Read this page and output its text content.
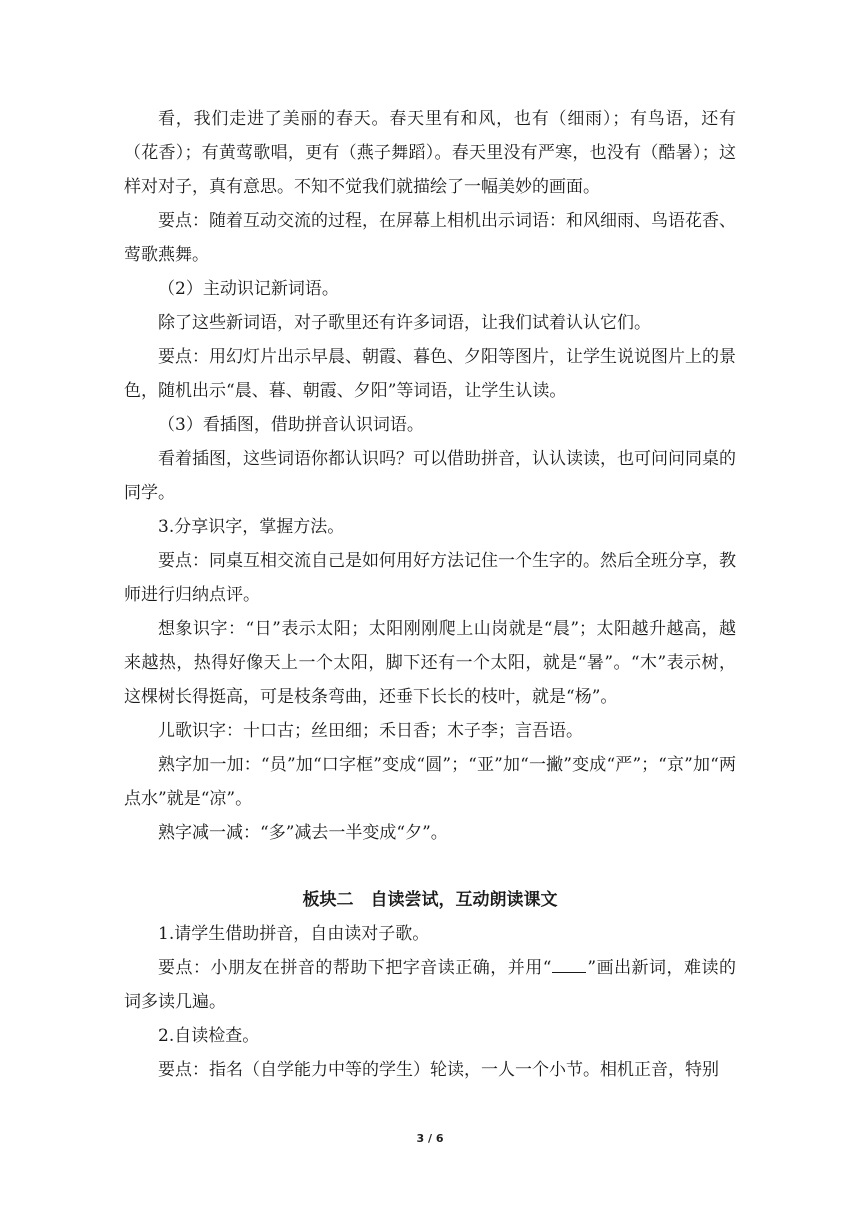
看，我们走进了美丽的春天。春天里有和风，也有（细雨）；有鸟语，还有（花香）；有黄莺歌唱，更有（燕子舞蹈）。春天里没有严寒，也没有（酷暑）；这样对对子，真有意思。不知不觉我们就描绘了一幅美妙的画面。

要点：随着互动交流的过程，在屏幕上相机出示词语：和风细雨、鸟语花香、莺歌燕舞。

（2）主动识记新词语。

除了这些新词语，对子歌里还有许多词语，让我们试着认认它们。

要点：用幻灯片出示早晨、朝霞、暮色、夕阳等图片，让学生说说图片上的景色，随机出示“晨、暮、朝霞、夕阳”等词语，让学生认读。

（3）看插图，借助拼音认识词语。

看着插图，这些词语你都认识吗？可以借助拼音，认认读读，也可问问同桌的同学。

3.分享识字，掌握方法。

要点：同桌互相交流自己是如何用好方法记住一个生字的。然后全班分享，教师进行归纳点评。

想象识字：“日”表示太阳；太阳刚刚爬上山岗就是“晨”；太阳越升越高，越来越热，热得好像天上一个太阳，脚下还有一个太阳，就是“暑”。“木”表示树，这棵树长得挺高，可是枝条弯曲，还垂下长长的枝叶，就是“杨”。

儿歌识字：十口古；丝田细；禾日香；木子李；言吾语。

熟字加一加：“员”加“口字框”变成“圆”；“亚”加“一撇”变成“严”；“京”加“两点水”就是“凉”。

熟字减一减：“多”减去一半变成“夕”。

板块二　自读尝试，互动朗读课文

1.请学生借助拼音，自由读对子歌。

要点：小朋友在拼音的帮助下把字音读正确，并用“ ”画出新词，难读的词多读几遍。

2.自读检查。

要点：指名（自学能力中等的学生）轮读，一人一个小节。相机正音，特别

3 / 6
